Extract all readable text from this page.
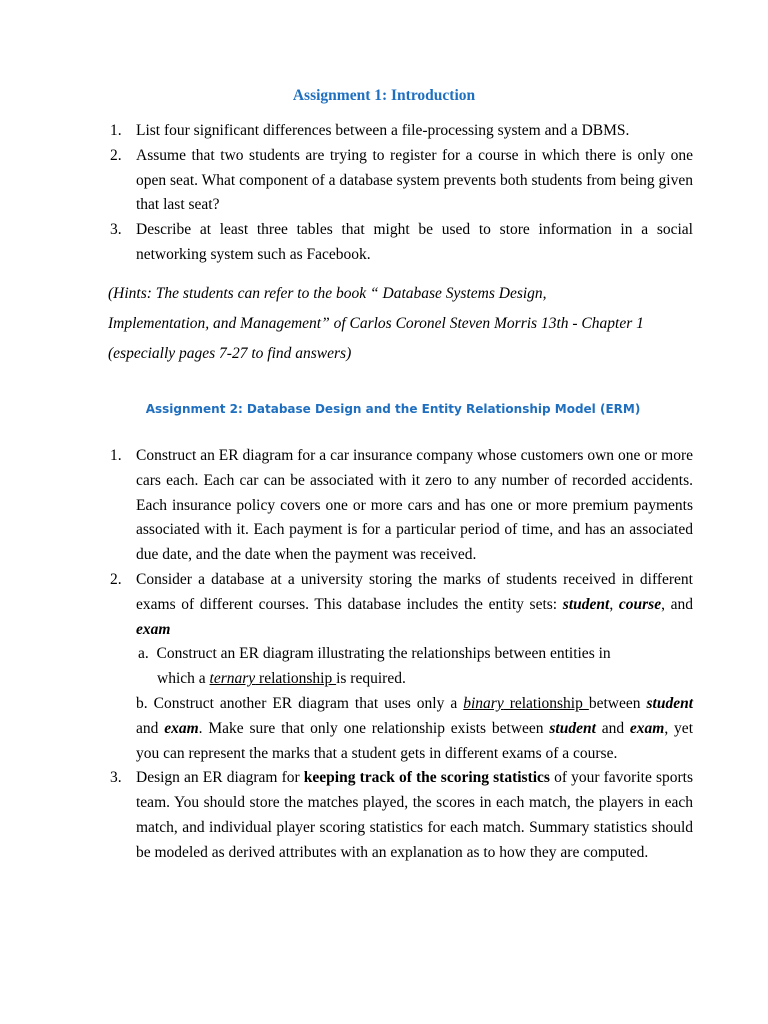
Assignment 1: Introduction
1. List four significant differences between a file-processing system and a DBMS.
2. Assume that two students are trying to register for a course in which there is only one open seat. What component of a database system prevents both students from being given that last seat?
3. Describe at least three tables that might be used to store information in a social networking system such as Facebook.
(Hints: The students can refer to the book “ Database Systems Design,
Implementation, and Management” of Carlos Coronel Steven Morris 13th - Chapter 1
(especially pages 7-27 to find answers)
Assignment 2: Database Design and the Entity Relationship Model (ERM)
1. Construct an ER diagram for a car insurance company whose customers own one or more cars each. Each car can be associated with it zero to any number of recorded accidents. Each insurance policy covers one or more cars and has one or more premium payments associated with it. Each payment is for a particular period of time, and has an associated due date, and the date when the payment was received.
2. Consider a database at a university storing the marks of students received in different exams of different courses. This database includes the entity sets: student, course, and exam
a. Construct an ER diagram illustrating the relationships between entities in
which a ternary relationship is required.
b. Construct another ER diagram that uses only a binary relationship between student and exam. Make sure that only one relationship exists between student and exam, yet you can represent the marks that a student gets in different exams of a course.
3. Design an ER diagram for keeping track of the scoring statistics of your favorite sports team. You should store the matches played, the scores in each match, the players in each match, and individual player scoring statistics for each match. Summary statistics should be modeled as derived attributes with an explanation as to how they are computed.
